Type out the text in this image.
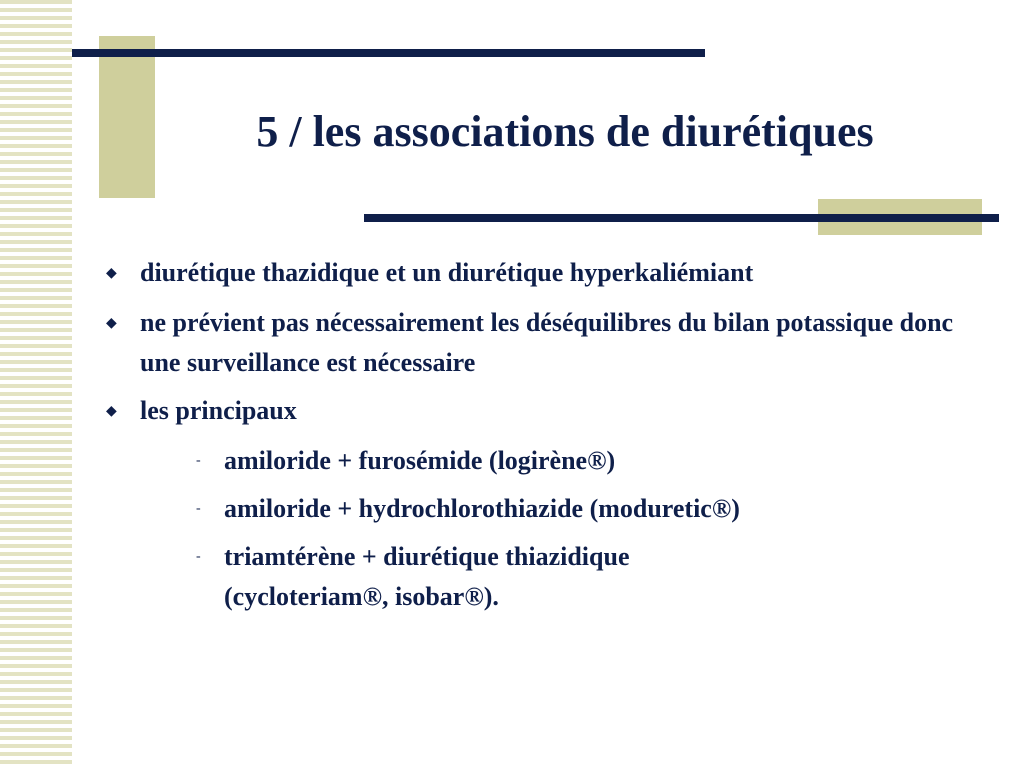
5 / les associations de diurétiques
◆ diurétique thazidique et un diurétique hyperkaliémiant
◆ ne prévient pas nécessairement les déséquilibres du bilan potassique donc une surveillance est nécessaire
◆ les principaux
- amiloride + furosémide (logirène®)
- amiloride + hydrochlorothiazide (moduretic®)
- triamtérène + diurétique thiazidique (cycloteriam®, isobar®).
